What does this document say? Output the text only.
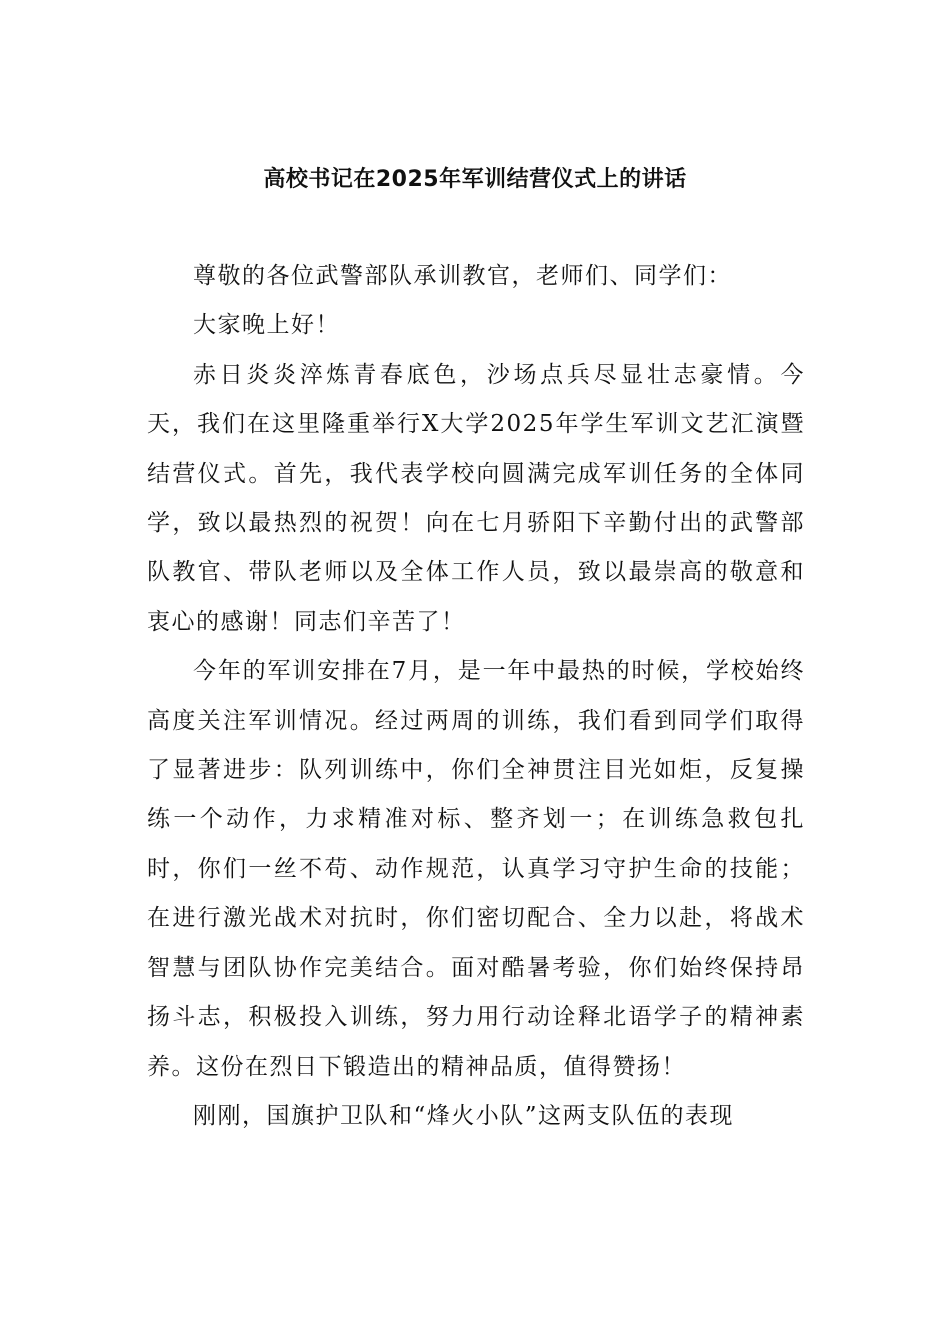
高校书记在2025年军训结营仪式上的讲话

尊敬的各位武警部队承训教官，老师们、同学们：

大家晚上好！

赤日炎炎淬炼青春底色，沙场点兵尽显壮志豪情。今天，我们在这里隆重举行X大学2025年学生军训文艺汇演暨结营仪式。首先，我代表学校向圆满完成军训任务的全体同学，致以最热烈的祝贺！向在七月骄阳下辛勤付出的武警部队教官、带队老师以及全体工作人员，致以最崇高的敬意和衷心的感谢！同志们辛苦了！

今年的军训安排在7月，是一年中最热的时候，学校始终高度关注军训情况。经过两周的训练，我们看到同学们取得了显著进步：队列训练中，你们全神贯注目光如炬，反复操练一个动作，力求精准对标、整齐划一；在训练急救包扎时，你们一丝不苟、动作规范，认真学习守护生命的技能；在进行激光战术对抗时，你们密切配合、全力以赴，将战术智慧与团队协作完美结合。面对酷暑考验，你们始终保持昂扬斗志，积极投入训练，努力用行动诠释北语学子的精神素养。这份在烈日下锻造出的精神品质，值得赞扬！

刚刚，国旗护卫队和“烽火小队”这两支队伍的表现
